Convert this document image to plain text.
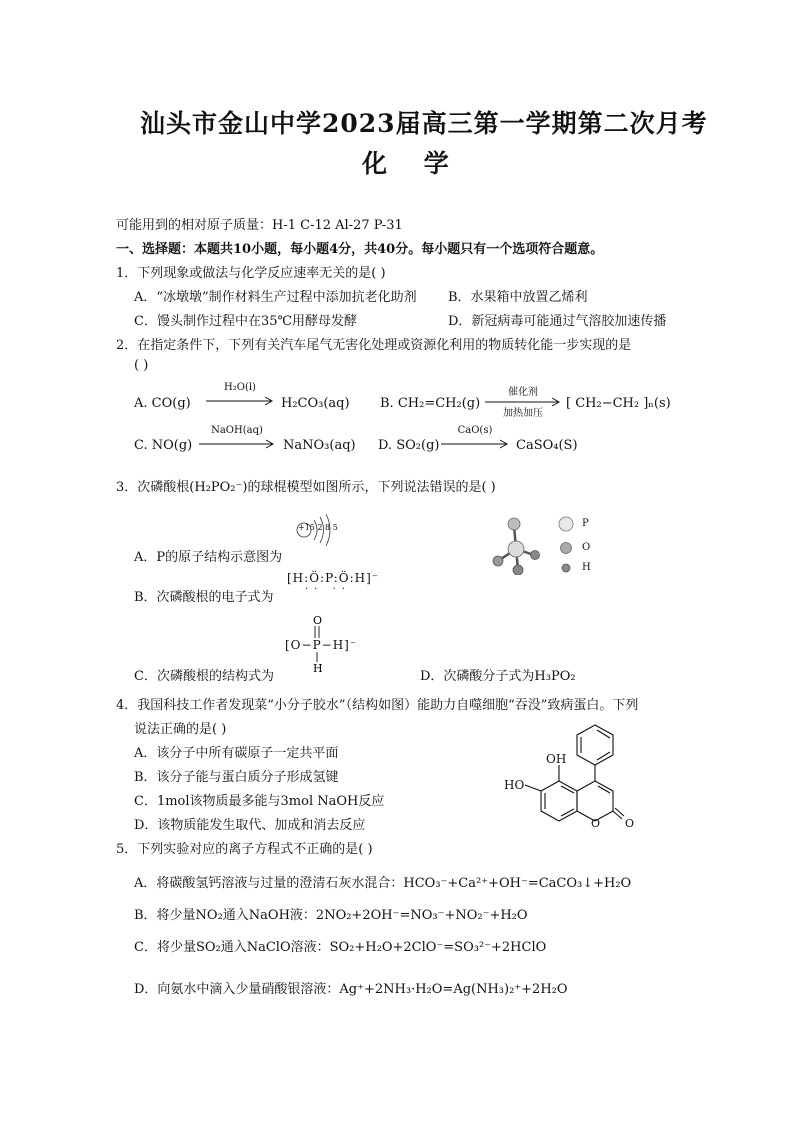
汕头市金山中学2023届高三第一学期第二次月考
化 学
可能用到的相对原子质量：H-1 C-12 Al-27 P-31
一、选择题：本题共10小题，每小题4分，共40分。每小题只有一个选项符合题意。
1．下列现象或做法与化学反应速率无关的是( )
A．“冰墩墩”制作材料生产过程中添加抗老化助剂 B．水果箱中放置乙烯利
C．馒头制作过程中在35℃用酵母发酵	D．新冠病毒可能通过气溶胶加速传播
2．在指定条件下，下列有关汽车尾气无害化处理或资源化利用的物质转化能一步实现的是
( )
A. CO(g)
H₂O(l)
H₂CO₃(aq) B. CH₂=CH₂(g)
催化剂
加热加压
[ CH₂−CH₂ ]ₙ(s)
C. NO(g)
NaOH(aq)
NaNO₃(aq) D. SO₂(g)
CaO(s)
CaSO₄(S)
3．次磷酸根(H₂PO₂⁻)的球棍模型如图所示，下列说法错误的是( )
+15 2 8 5
A．P的原子结构示意图为
B．次磷酸根的电子式为
[H:Ö:P:Ö:H]⁻
·· ··
P
O
H
O
H
[O−P−H]⁻
C．次磷酸根的结构式为	D．次磷酸分子式为H₃PO₂
4．我国科技工作者发现菜“小分子胶水”（结构如图）能助力自噬细胞“吞没”致病蛋白。下列
说法正确的是( )
A．该分子中所有碳原子一定共平面
B．该分子能与蛋白质分子形成氢键
C．1mol该物质最多能与3mol NaOH反应
D．该物质能发生取代、加成和消去反应
OH
HO
O O
5．下列实验对应的离子方程式不正确的是( )
A．将碳酸氢钙溶液与过量的澄清石灰水混合：HCO₃⁻+Ca²⁺+OH⁻=CaCO₃↓+H₂O
B．将少量NO₂通入NaOH液：2NO₂+2OH⁻=NO₃⁻+NO₂⁻+H₂O
C．将少量SO₂通入NaClO溶液：SO₂+H₂O+2ClO⁻=SO₃²⁻+2HClO
D．向氨水中滴入少量硝酸银溶液：Ag⁺+2NH₃·H₂O=Ag(NH₃)₂⁺+2H₂O
